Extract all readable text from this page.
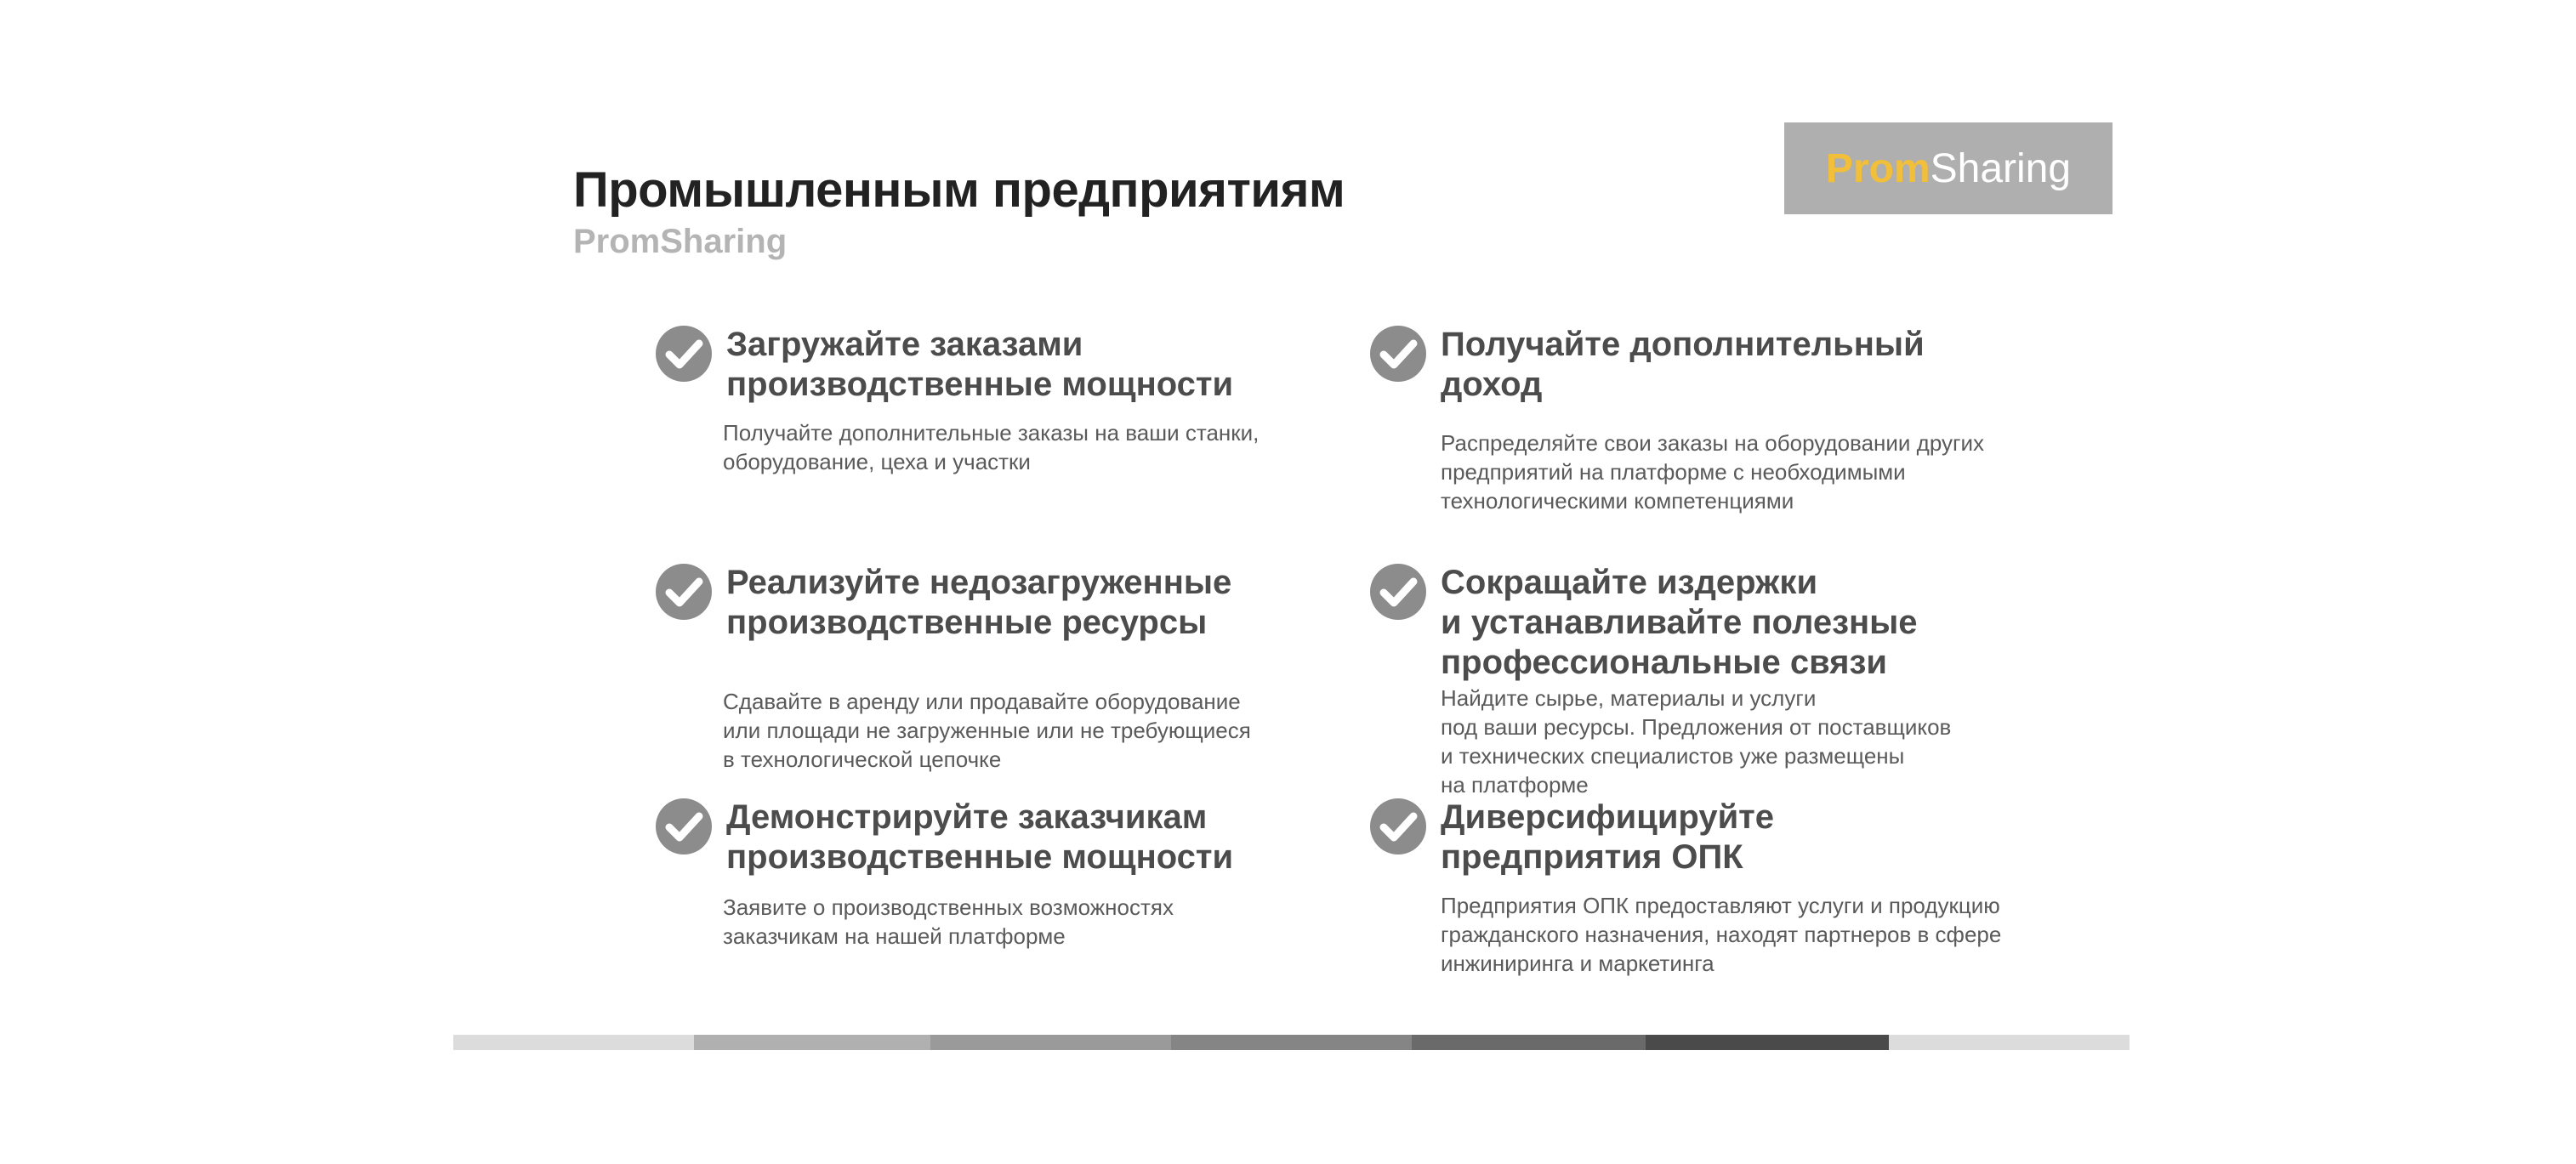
Промышленным предприятиям
PromSharing
Prom Sharing
Загружайте заказами
производственные мощности

Получайте дополнительные заказы на ваши станки,
оборудование, цеха и участки

Получайте дополнительный
доход

Распределяйте свои заказы на оборудовании других
предприятий на платформе с необходимыми
технологическими компетенциями

Реализуйте недозагруженные
производственные ресурсы

Сдавайте в аренду или продавайте оборудование
или площади не загруженные или не требующиеся
в технологической цепочке

Сокращайте издержки
и устанавливайте полезные
профессиональные связи

Найдите сырье, материалы и услуги
под ваши ресурсы. Предложения от поставщиков
и технических специалистов уже размещены
на платформе

Демонстрируйте заказчикам
производственные мощности

Заявите о производственных возможностях
заказчикам на нашей платформе

Диверсифицируйте
предприятия ОПК

Предприятия ОПК предоставляют услуги и продукцию
гражданского назначения, находят партнеров в сфере
инжиниринга и маркетинга
